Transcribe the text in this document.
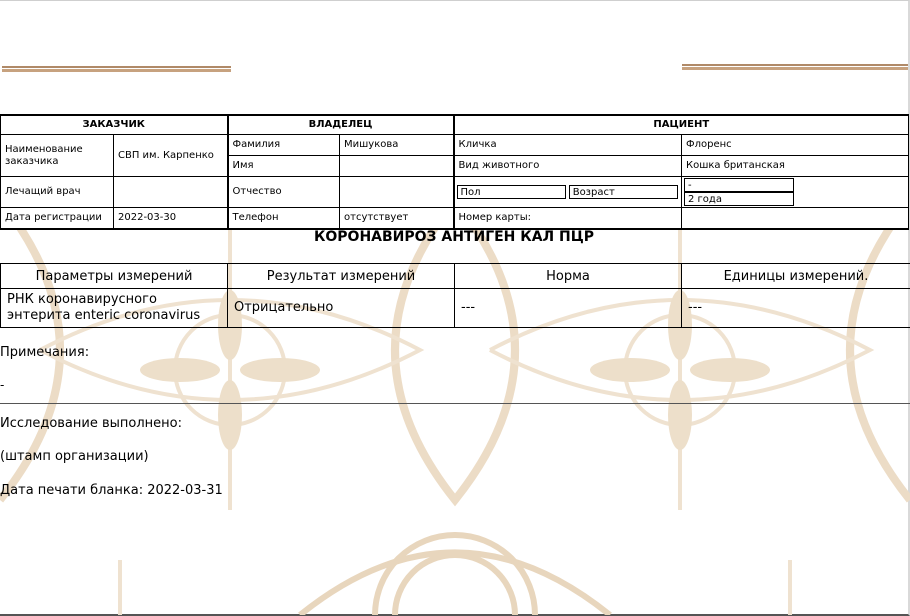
ЗАКАЗЧИК		ВЛАДЕЛЕЦ		ПАЦИЕНТ	
Наименование заказчика	СВП им. Карпенко	Фамилия	Мишукова	Кличка	Флоренс
		Имя		Вид животного	Кошка британская
Лечащий врач		Отчество		Пол Возраст	- 2 года
Дата регистрации	2022-03-30	Телефон	отсутствует	Номер карты:	
КОРОНАВИРОЗ АНТИГЕН КАЛ ПЦР
Параметры измерений	Результат измерений	Норма	Единицы измерений.
РНК коронавирусного энтерита enteric coronavirus	Отрицательно	---	---
Примечания:
-
Исследование выполнено:
(штамп организации)
Дата печати бланка: 2022-03-31
